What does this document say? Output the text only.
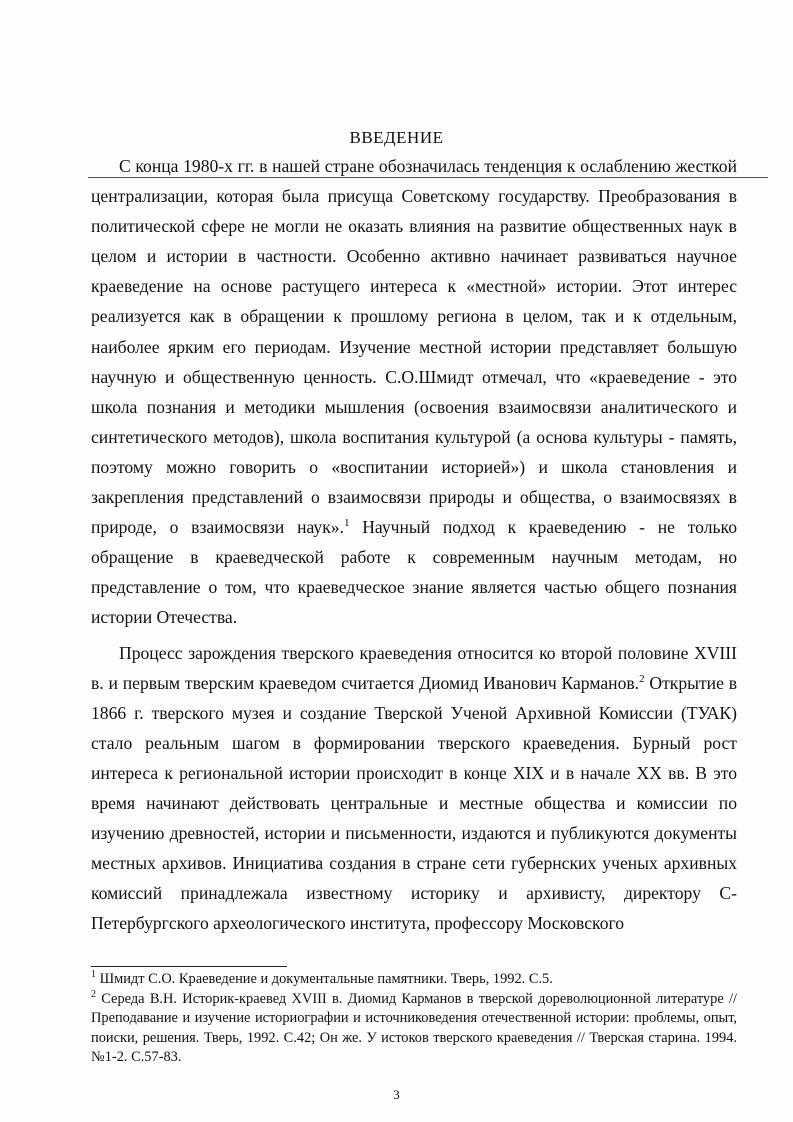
ВВЕДЕНИЕ

С конца 1980-х гг. в нашей стране обозначилась тенденция к ослаблению жесткой централизации, которая была присуща Советскому государству. Преобразования в политической сфере не могли не оказать влияния на развитие общественных наук в целом и истории в частности. Особенно активно начинает развиваться научное краеведение на основе растущего интереса к «местной» истории. Этот интерес реализуется как в обращении к прошлому региона в целом, так и к отдельным, наиболее ярким его периодам. Изучение местной истории представляет большую научную и общественную ценность. С.О.Шмидт отмечал, что «краеведение - это школа познания и методики мышления (освоения взаимосвязи аналитического и синтетического методов), школа воспитания культурой (а основа культуры - память, поэтому можно говорить о «воспитании историей») и школа становления и закрепления представлений о взаимосвязи природы и общества, о взаимосвязях в природе, о взаимосвязи наук».$^1$ Научный подход к краеведению - не только обращение в краеведческой работе к современным научным методам, но представление о том, что краеведческое знание является частью общего познания истории Отечества.

Процесс зарождения тверского краеведения относится ко второй половине XVIII в. и первым тверским краеведом считается Диомид Иванович Карманов.$^2$ Открытие в 1866 г. тверского музея и создание Тверской Ученой Архивной Комиссии (ТУАК) стало реальным шагом в формировании тверского краеведения. Бурный рост интереса к региональной истории происходит в конце XIX и в начале XX вв. В это время начинают действовать центральные и местные общества и комиссии по изучению древностей, истории и письменности, издаются и публикуются документы местных архивов. Инициатива создания в стране сети губернских ученых архивных комиссий принадлежала известному историку и архивисту, директору С-Петербургского археологического института, профессору Московского

$^1$ Шмидт С.О. Краеведение и документальные памятники. Тверь, 1992. С.5.

$^2$ Середа В.Н. Историк-краевед XVIII в. Диомид Карманов в тверской дореволюционной литературе // Преподавание и изучение историографии и источниковедения отечественной истории: проблемы, опыт, поиски, решения. Тверь, 1992. С.42; Он же. У истоков тверского краеведения // Тверская старина. 1994. №1-2. С.57-83.

3
